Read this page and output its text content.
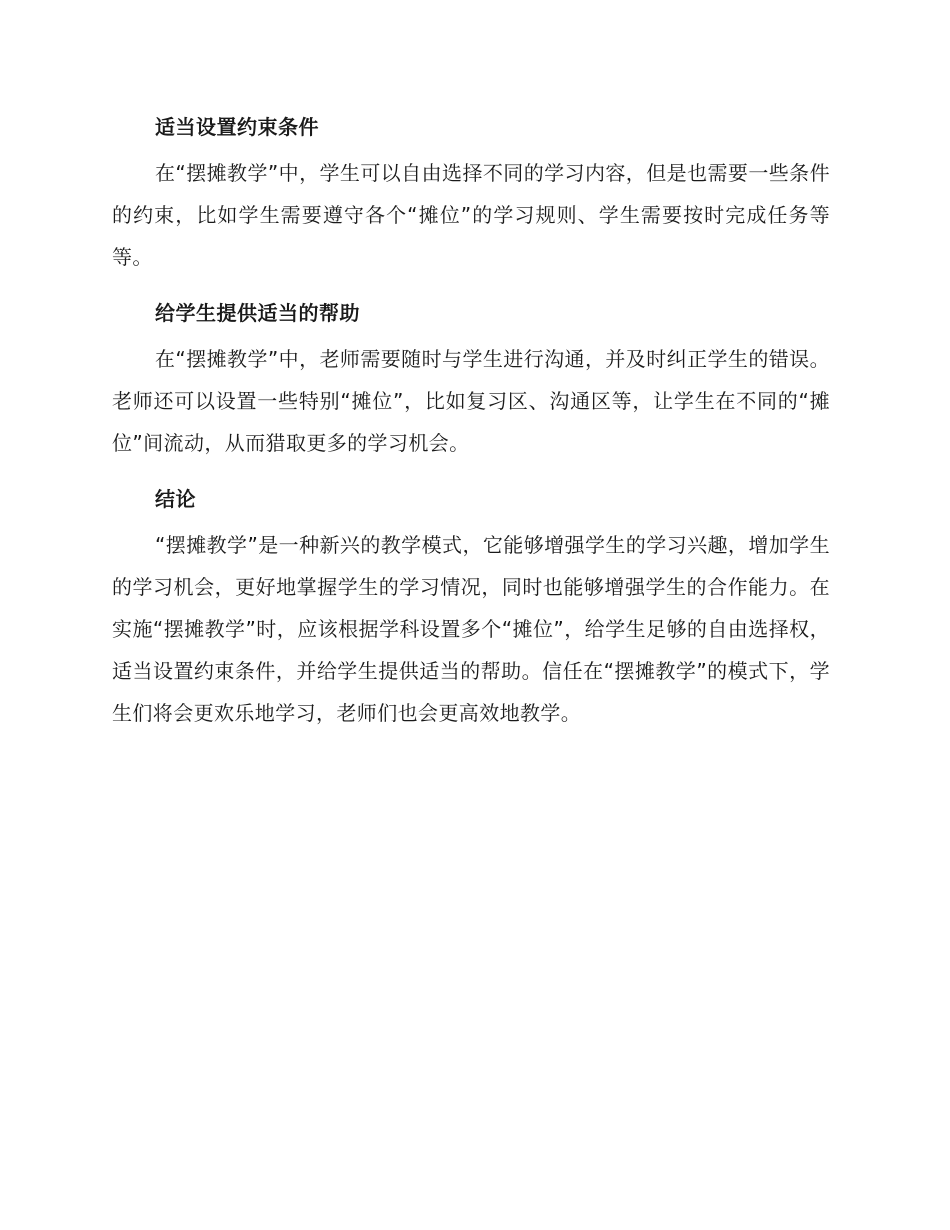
适当设置约束条件

在“摆摊教学”中，学生可以自由选择不同的学习内容，但是也需要一些条件的约束，比如学生需要遵守各个“摊位”的学习规则、学生需要按时完成任务等等。

给学生提供适当的帮助

在“摆摊教学”中，老师需要随时与学生进行沟通，并及时纠正学生的错误。老师还可以设置一些特别“摊位”，比如复习区、沟通区等，让学生在不同的“摊位”间流动，从而猎取更多的学习机会。

结论

“摆摊教学”是一种新兴的教学模式，它能够增强学生的学习兴趣，增加学生的学习机会，更好地掌握学生的学习情况，同时也能够增强学生的合作能力。在实施“摆摊教学”时，应该根据学科设置多个“摊位”，给学生足够的自由选择权，适当设置约束条件，并给学生提供适当的帮助。信任在“摆摊教学”的模式下，学生们将会更欢乐地学习，老师们也会更高效地教学。
